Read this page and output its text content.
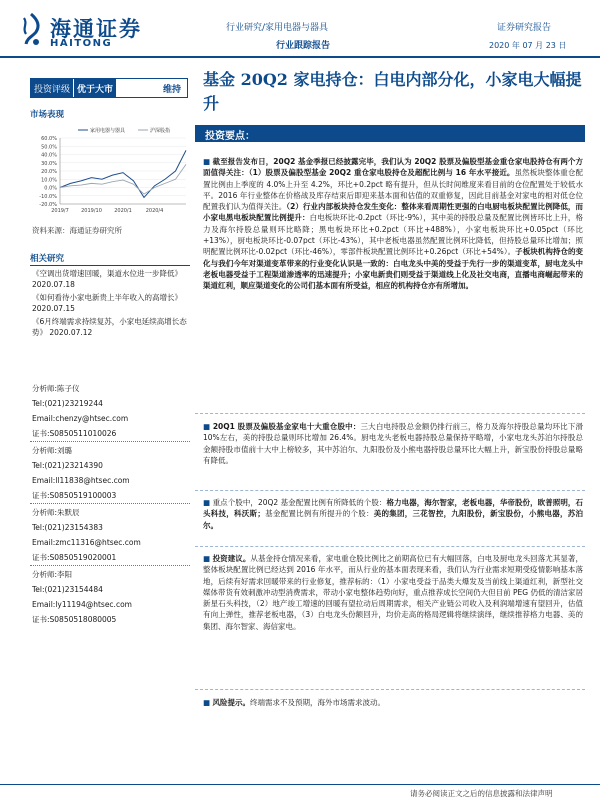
海通证券
HAITONG
行业研究/家用电器与器具
行业跟踪报告
证券研究报告
2020 年 07 月 23 日
投资评级 优于大市	维持
市场表现
60.0%
50.0%
40.0%
30.0%
20.0%
10.0%
0.0%
-10.0%
-20.0%
2019/7 2019/10 2020/1	2020/4
家用电器与器具	沪深股指
资料来源：海通证券研究所
相关研究
《空调出货增速回暖，渠道水位进一步降低》 2020.07.18
《如何看待小家电新贵上半年收入的高增长》 2020.07.15
《6月终端需求持续复苏，小家电延续高增长态势》 2020.07.12
分析师:陈子仪
Tel:(021)23219244
Email:chenzy@htsec.com
证书:S0850511010026
分析师:刘璐
Tel:(021)23214390
Email:ll11838@htsec.com
证书:S0850519100003
分析师:朱默辰
Tel:(021)23154383
Email:zmc11316@htsec.com
证书:S0850519020001
分析师:李阳
Tel:(021)23154484
Email:ly11194@htsec.com
证书:S0850518080005
基金 20Q2 家电持仓：白电内部分化，小家电大幅提升
投资要点：
■ 截至报告发布日，20Q2 基金季报已经披露完毕，我们认为 20Q2 股票及偏股型基金重仓家电股持仓有两个方面值得关注：（1）股票及偏股型基金 20Q2 重仓家电股持仓及超配比例与 16 年水平接近。虽然板块整体重仓配置比例由上季度的 4.0%上升至 4.2%，环比+0.2pct 略有提升，但从长时间维度来看目前的仓位配置处于较低水平。2016 年行业整体在价格战及库存结束后即迎来基本面和估值的双重修复，因此目前基金对家电的相对低仓位配置我们认为值得关注。（2）行业内部板块持仓发生变化：整体来看周期性更强的白电厨电板块配置比例降低，而小家电黑电板块配置比例提升：白电板块环比-0.2pct（环比-9%），其中美的持股总量及配置比例皆环比上升，格力及海尔持股总量则环比略降；黑电板块环比+0.2pct（环比+488%），小家电板块环比+0.05pct（环比+13%），厨电板块环比-0.07pct（环比-43%），其中老板电器虽然配置比例环比降低，但持股总量环比增加；照明配置比例环比-0.02pct（环比-46%），零部件板块配置比例环比+0.26pct（环比+54%）。子板块机构持仓的变化与我们今年对渠道变革带来的行业变化认识是一致的：白电龙头中美的受益于先行一步的渠道变革，厨电龙头中老板电器受益于工程渠道渗透率的迅速提升；小家电新贵们则受益于渠道线上化及社交电商，直播电商崛起带来的渠道红利，顺应渠道变化的公司们基本面有所受益，相应的机构持仓亦有所增加。
■ 20Q1 股票及偏股基金家电十大重仓股中：三大白电持股总金额仍排行前三，格力及海尔持股总量均环比下滑 10%左右，美的持股总量则环比增加 26.4%。厨电龙头老板电器持股总量保持平略增，小家电龙头苏泊尔持股总金额持股市值前十大中上榜较多，其中苏泊尔、九阳股份及小熊电器持股总量环比大幅上升，新宝股份持股总量略有降低。
■ 重点个股中，20Q2 基金配置比例有所降低的个股：格力电器，海尔智家，老板电器，华帝股份，欧普照明，石头科技，科沃斯；基金配置比例有所提升的个股：美的集团，三花智控，九阳股份，新宝股份，小熊电器，苏泊尔。
■ 投资建议。从基金持仓情况来看，家电重仓股比例比之前期高位已有大幅回落，白电及厨电龙头回落尤其显著，整体板块配置比例已经达到 2016 年水平，而从行业的基本面表现来看，我们认为行业需求短期受疫情影响基本落地，后续有好需求回暖带来的行业修复，推荐标的：（1）小家电受益于品类大爆发及当前线上渠道红利，新型社交媒体带货有效刺激冲动型消费需求，带动小家电整体趋势向好，重点推荐成长空间仍大但目前 PEG 仍低的清洁家居新星石头科技，（2）地产竣工增速的回暖有望拉动后周期需求，相关产业链公司收入及利润端增速有望回升，估值有向上弹性，推荐老板电器，（3）白电龙头份额回升，均价走高的格局逻辑将继续演绎，继续推荐格力电器、美的集团、海尔智家、海信家电。
■ 风险提示。终端需求不及预期，海外市场需求波动。
请务必阅读正文之后的信息披露和法律声明
